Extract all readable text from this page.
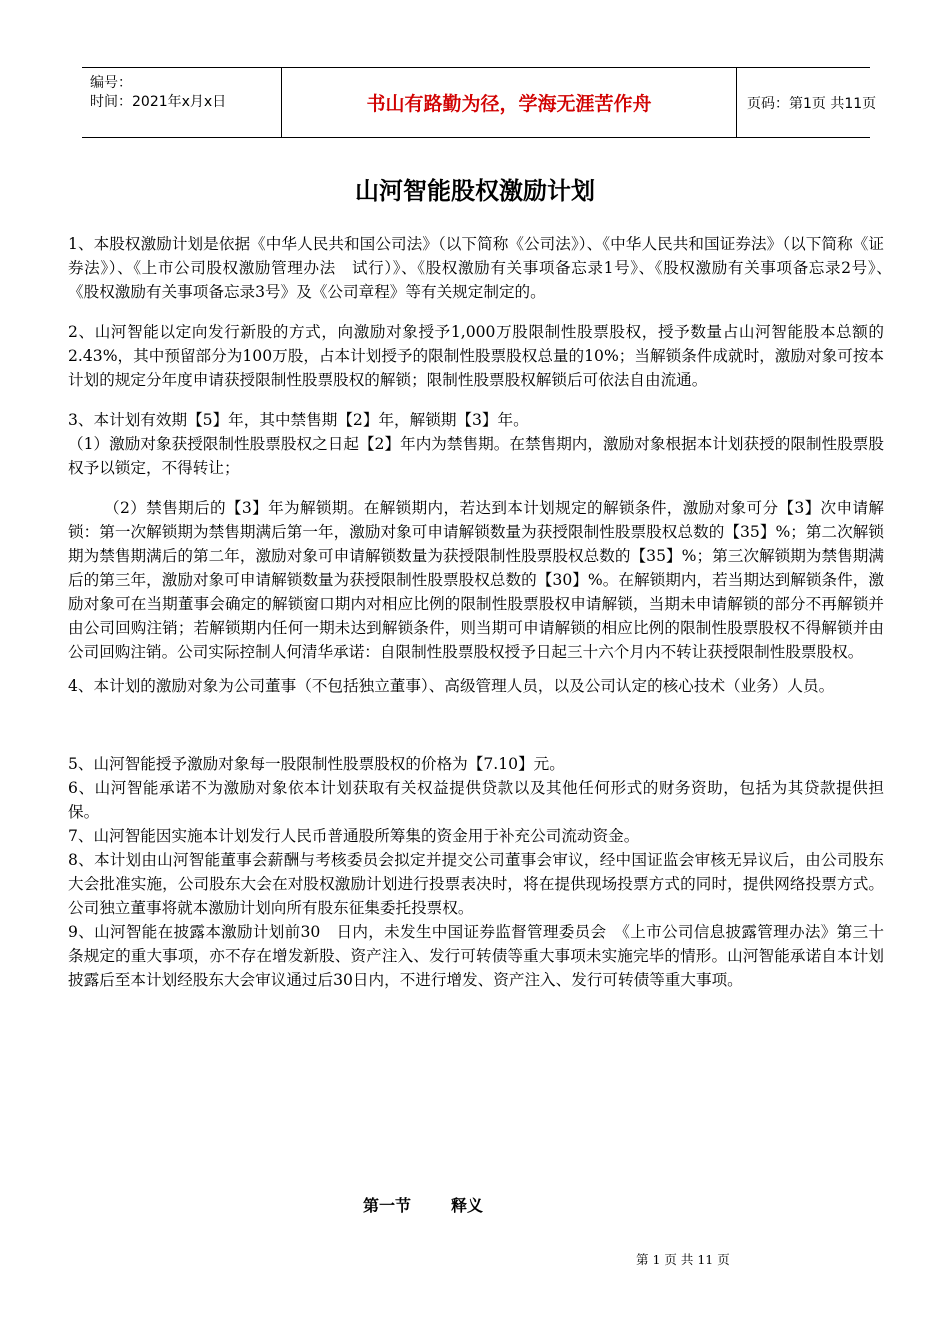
编号：
时间：2021年x月x日	书山有路勤为径，学海无涯苦作舟	页码：第1页 共11页
山河智能股权激励计划

1、本股权激励计划是依据《中华人民共和国公司法》（以下简称《公司法》）、《中华人民共和国证券法》（以下简称《证券法》）、《上市公司股权激励管理办法　试行）》、《股权激励有关事项备忘录1号》、《股权激励有关事项备忘录2号》、　《股权激励有关事项备忘录3号》及《公司章程》等有关规定制定的。

2、山河智能以定向发行新股的方式，向激励对象授予1,000万股限制性股票股权，授予数量占山河智能股本总额的2.43%，其中预留部分为100万股，占本计划授予的限制性股票股权总量的10%；当解锁条件成就时，激励对象可按本计划的规定分年度申请获授限制性股票股权的解锁；限制性股票股权解锁后可依法自由流通。

3、本计划有效期【5】年，其中禁售期【2】年，解锁期【3】年。

（1）激励对象获授限制性股票股权之日起【2】年内为禁售期。在禁售期内，激励对象根据本计划获授的限制性股票股权予以锁定，不得转让；

（2）禁售期后的【3】年为解锁期。在解锁期内，若达到本计划规定的解锁条件，激励对象可分【3】次申请解锁：第一次解锁期为禁售期满后第一年，激励对象可申请解锁数量为获授限制性股票股权总数的【35】%；第二次解锁期为禁售期满后的第二年，激励对象可申请解锁数量为获授限制性股票股权总数的【35】%；第三次解锁期为禁售期满后的第三年，激励对象可申请解锁数量为获授限制性股票股权总数的【30】%。在解锁期内，若当期达到解锁条件，激励对象可在当期董事会确定的解锁窗口期内对相应比例的限制性股票股权申请解锁，当期未申请解锁的部分不再解锁并由公司回购注销；若解锁期内任何一期未达到解锁条件，则当期可申请解锁的相应比例的限制性股票股权不得解锁并由公司回购注销。公司实际控制人何清华承诺：自限制性股票股权授予日起三十六个月内不转让获授限制性股票股权。

4、本计划的激励对象为公司董事（不包括独立董事）、高级管理人员，以及公司认定的核心技术（业务）人员。

5、山河智能授予激励对象每一股限制性股票股权的价格为【7.10】元。

6、山河智能承诺不为激励对象依本计划获取有关权益提供贷款以及其他任何形式的财务资助，包括为其贷款提供担保。

7、山河智能因实施本计划发行人民币普通股所筹集的资金用于补充公司流动资金。

8、本计划由山河智能董事会薪酬与考核委员会拟定并提交公司董事会审议，经中国证监会审核无异议后，由公司股东大会批准实施，公司股东大会在对股权激励计划进行投票表决时，将在提供现场投票方式的同时，提供网络投票方式。公司独立董事将就本激励计划向所有股东征集委托投票权。

9、山河智能在披露本激励计划前30　日内，未发生中国证券监督管理委员会　《上市公司信息披露管理办法》第三十条规定的重大事项，亦不存在增发新股、资产注入、发行可转债等重大事项未实施完毕的情形。山河智能承诺自本计划披露后至本计划经股东大会审议通过后30日内，不进行增发、资产注入、发行可转债等重大事项。

第一节	释义
第 1 页 共 11 页
